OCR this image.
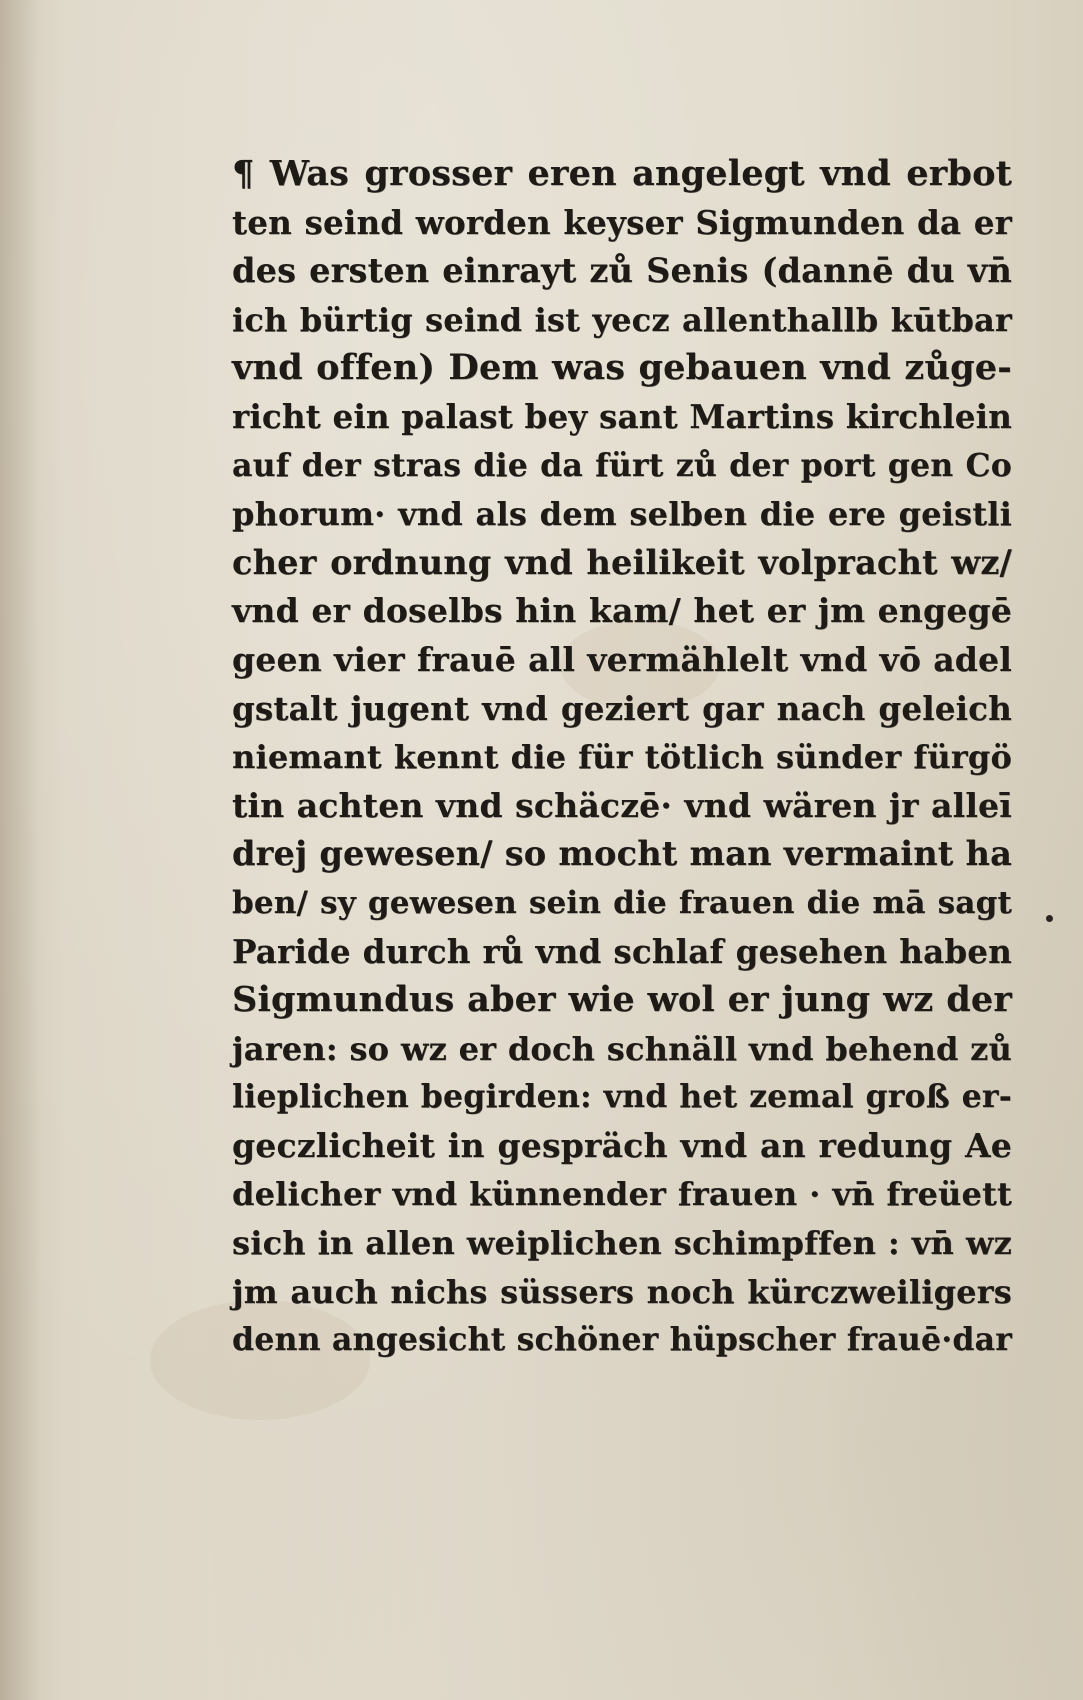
¶ Was grosser eren angelegt vnd erbot
ten seind worden keyser Sigmunden da er
des ersten einrayt zů Senis (dannē du vn̄
ich bürtig seind ist yecz allenthallb kūtbar
vnd offen) Dem was gebauen vnd zůge-
richt ein palast bey sant Martins kirchlein
auf der stras die da fürt zů der port gen Co
phorum· vnd als dem selben die ere geistli
cher ordnung vnd heilikeit volpracht wz/
vnd er doselbs hin kam/ het er jm engegē
geen vier frauē all vermählelt vnd vō adel
gstalt jugent vnd geziert gar nach geleich
niemant kennt die für tötlich sünder fürgö
tin achten vnd schäczē· vnd wären jr alleī
drej gewesen/ so mocht man vermaint ha
ben/ sy gewesen sein die frauen die mā sagt
Paride durch rů vnd schlaf gesehen haben
Sigmundus aber wie wol er jung wz der
jaren: so wz er doch schnäll vnd behend zů
lieplichen begirden: vnd het zemal groß er-
geczlicheit in gespräch vnd an redung Ae
delicher vnd künnender frauen · vn̄ freüett
sich in allen weiplichen schimpffen : vn̄ wz
jm auch nichs süssers noch kürczweiligers
denn angesicht schöner hüpscher frauē·dar
